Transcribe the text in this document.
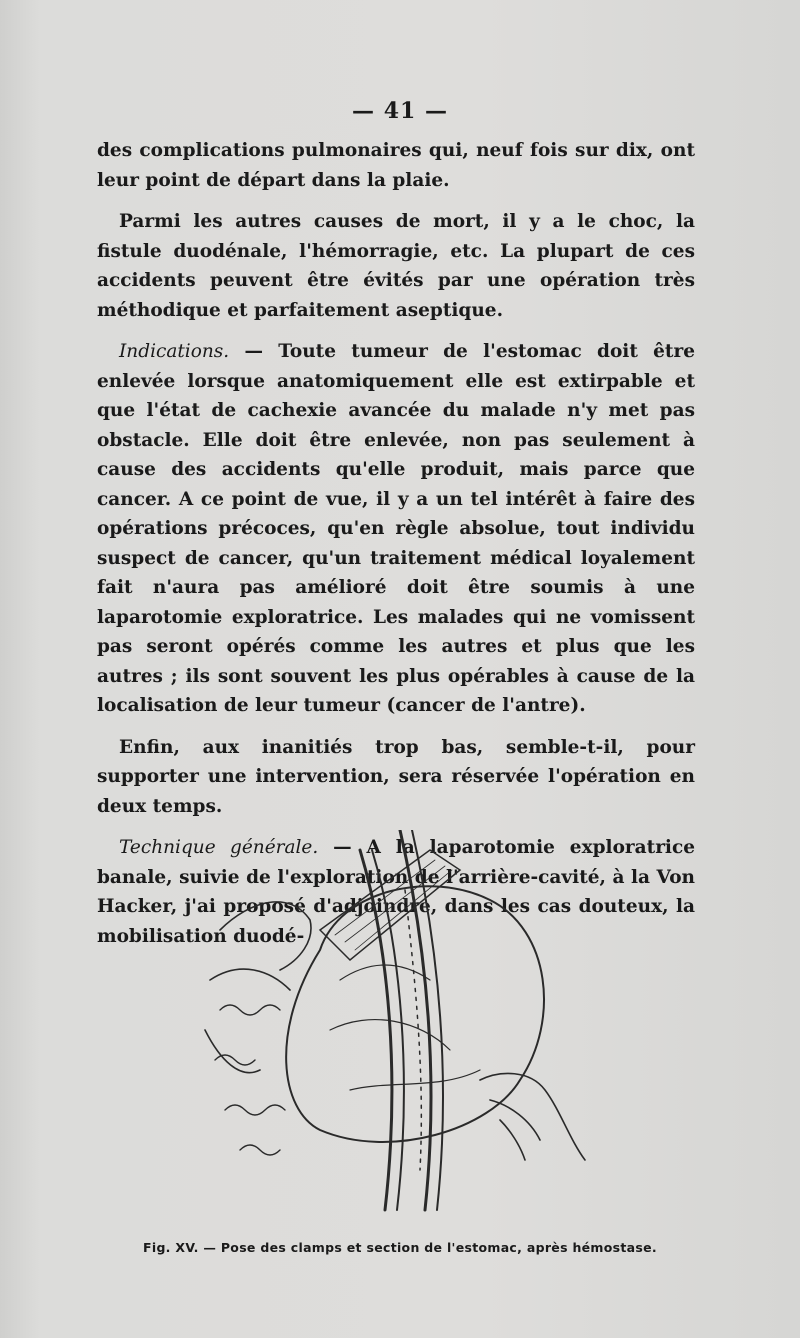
— 41 —

des complications pulmonaires qui, neuf fois sur dix, ont leur point de départ dans la plaie.

Parmi les autres causes de mort, il y a le choc, la fistule duodénale, l'hémorragie, etc. La plupart de ces accidents peuvent être évités par une opération très méthodique et parfaitement aseptique.

Indications. — Toute tumeur de l'estomac doit être enlevée lorsque anatomiquement elle est extirpable et que l'état de cachexie avancée du malade n'y met pas obstacle. Elle doit être enlevée, non pas seulement à cause des accidents qu'elle produit, mais parce que cancer. A ce point de vue, il y a un tel intérêt à faire des opérations précoces, qu'en règle absolue, tout individu suspect de cancer, qu'un traitement médical loyalement fait n'aura pas amélioré doit être soumis à une laparotomie exploratrice. Les malades qui ne vomissent pas seront opérés comme les autres et plus que les autres ; ils sont souvent les plus opérables à cause de la localisation de leur tumeur (cancer de l'antre).

Enfin, aux inanitiés trop bas, semble-t-il, pour supporter une intervention, sera réservée l'opération en deux temps.

Technique générale. — A la laparotomie exploratrice banale, suivie de l'exploration de l'arrière-cavité, à la Von Hacker, j'ai proposé d'adjoindre, dans les cas douteux, la mobilisation duodé-

Fig. XV. — Pose des clamps et section de l'estomac, après hémostase.
